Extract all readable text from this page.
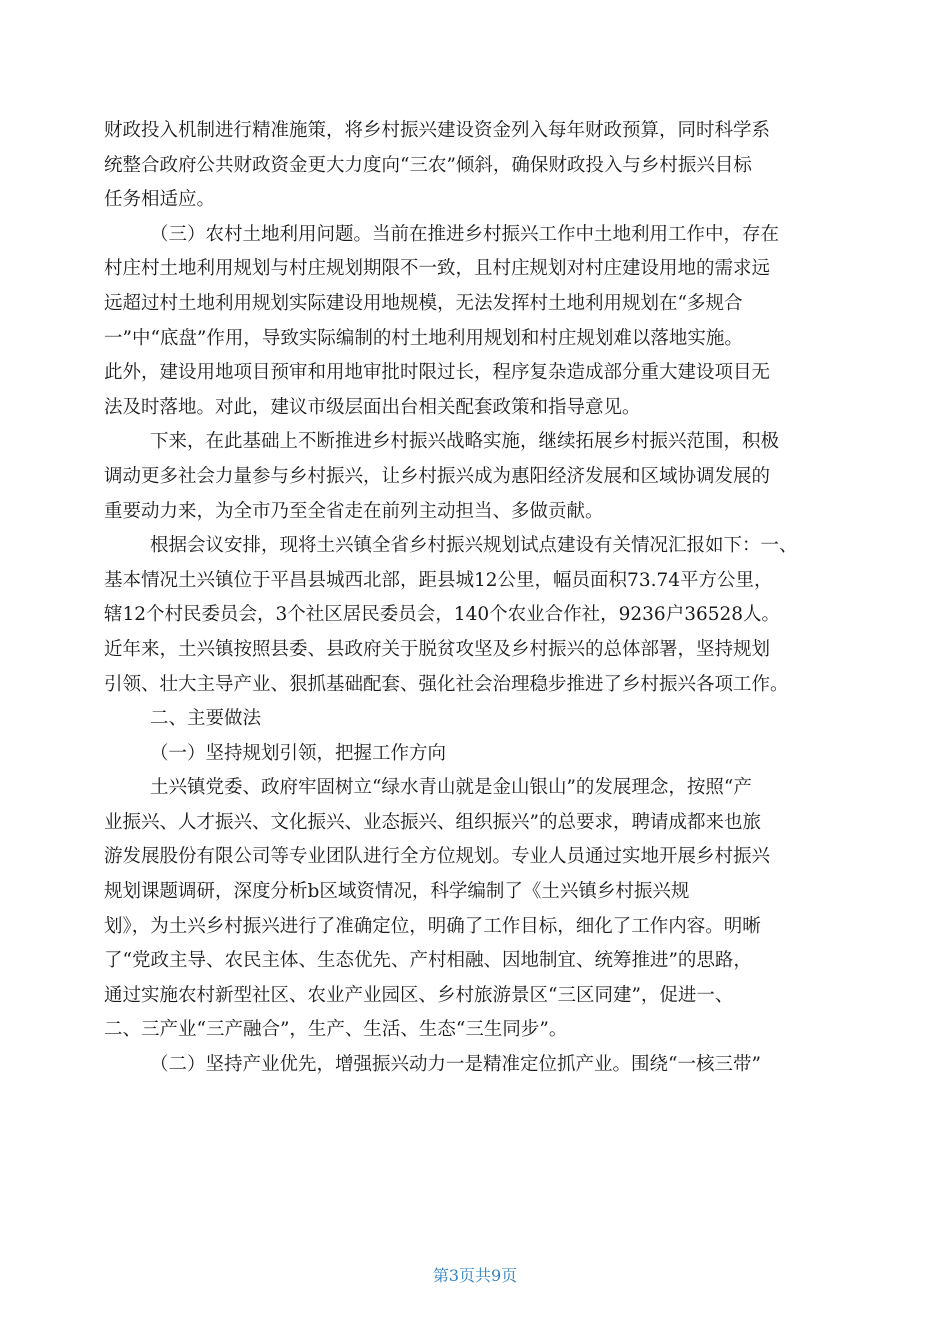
财政投入机制进行精准施策，将乡村振兴建设资金列入每年财政预算，同时科学系
统整合政府公共财政资金更大力度向“三农”倾斜，确保财政投入与乡村振兴目标
任务相适应。
（三）农村土地利用问题。当前在推进乡村振兴工作中土地利用工作中，存在
村庄村土地利用规划与村庄规划期限不一致，且村庄规划对村庄建设用地的需求远
远超过村土地利用规划实际建设用地规模，无法发挥村土地利用规划在“多规合
一”中“底盘”作用，导致实际编制的村土地利用规划和村庄规划难以落地实施。
此外，建设用地项目预审和用地审批时限过长，程序复杂造成部分重大建设项目无
法及时落地。对此，建议市级层面出台相关配套政策和指导意见。
下来，在此基础上不断推进乡村振兴战略实施，继续拓展乡村振兴范围，积极
调动更多社会力量参与乡村振兴，让乡村振兴成为惠阳经济发展和区域协调发展的
重要动力来，为全市乃至全省走在前列主动担当、多做贡献。
根据会议安排，现将土兴镇全省乡村振兴规划试点建设有关情况汇报如下：一、
基本情况土兴镇位于平昌县城西北部，距县城12公里，幅员面积73.74平方公里，
辖12个村民委员会，3个社区居民委员会，140个农业合作社，9236户36528人。
近年来，土兴镇按照县委、县政府关于脱贫攻坚及乡村振兴的总体部署，坚持规划
引领、壮大主导产业、狠抓基础配套、强化社会治理稳步推进了乡村振兴各项工作。
二、主要做法
（一）坚持规划引领，把握工作方向
土兴镇党委、政府牢固树立“绿水青山就是金山银山”的发展理念，按照“产
业振兴、人才振兴、文化振兴、业态振兴、组织振兴”的总要求，聘请成都来也旅
游发展股份有限公司等专业团队进行全方位规划。专业人员通过实地开展乡村振兴
规划课题调研，深度分析b区域资情况，科学编制了《土兴镇乡村振兴规
划》，为土兴乡村振兴进行了准确定位，明确了工作目标，细化了工作内容。明晰
了“党政主导、农民主体、生态优先、产村相融、因地制宜、统筹推进”的思路，
通过实施农村新型社区、农业产业园区、乡村旅游景区“三区同建”，促进一、
二、三产业“三产融合”，生产、生活、生态“三生同步”。
（二）坚持产业优先，增强振兴动力一是精准定位抓产业。围绕“一核三带”
第3页共9页
